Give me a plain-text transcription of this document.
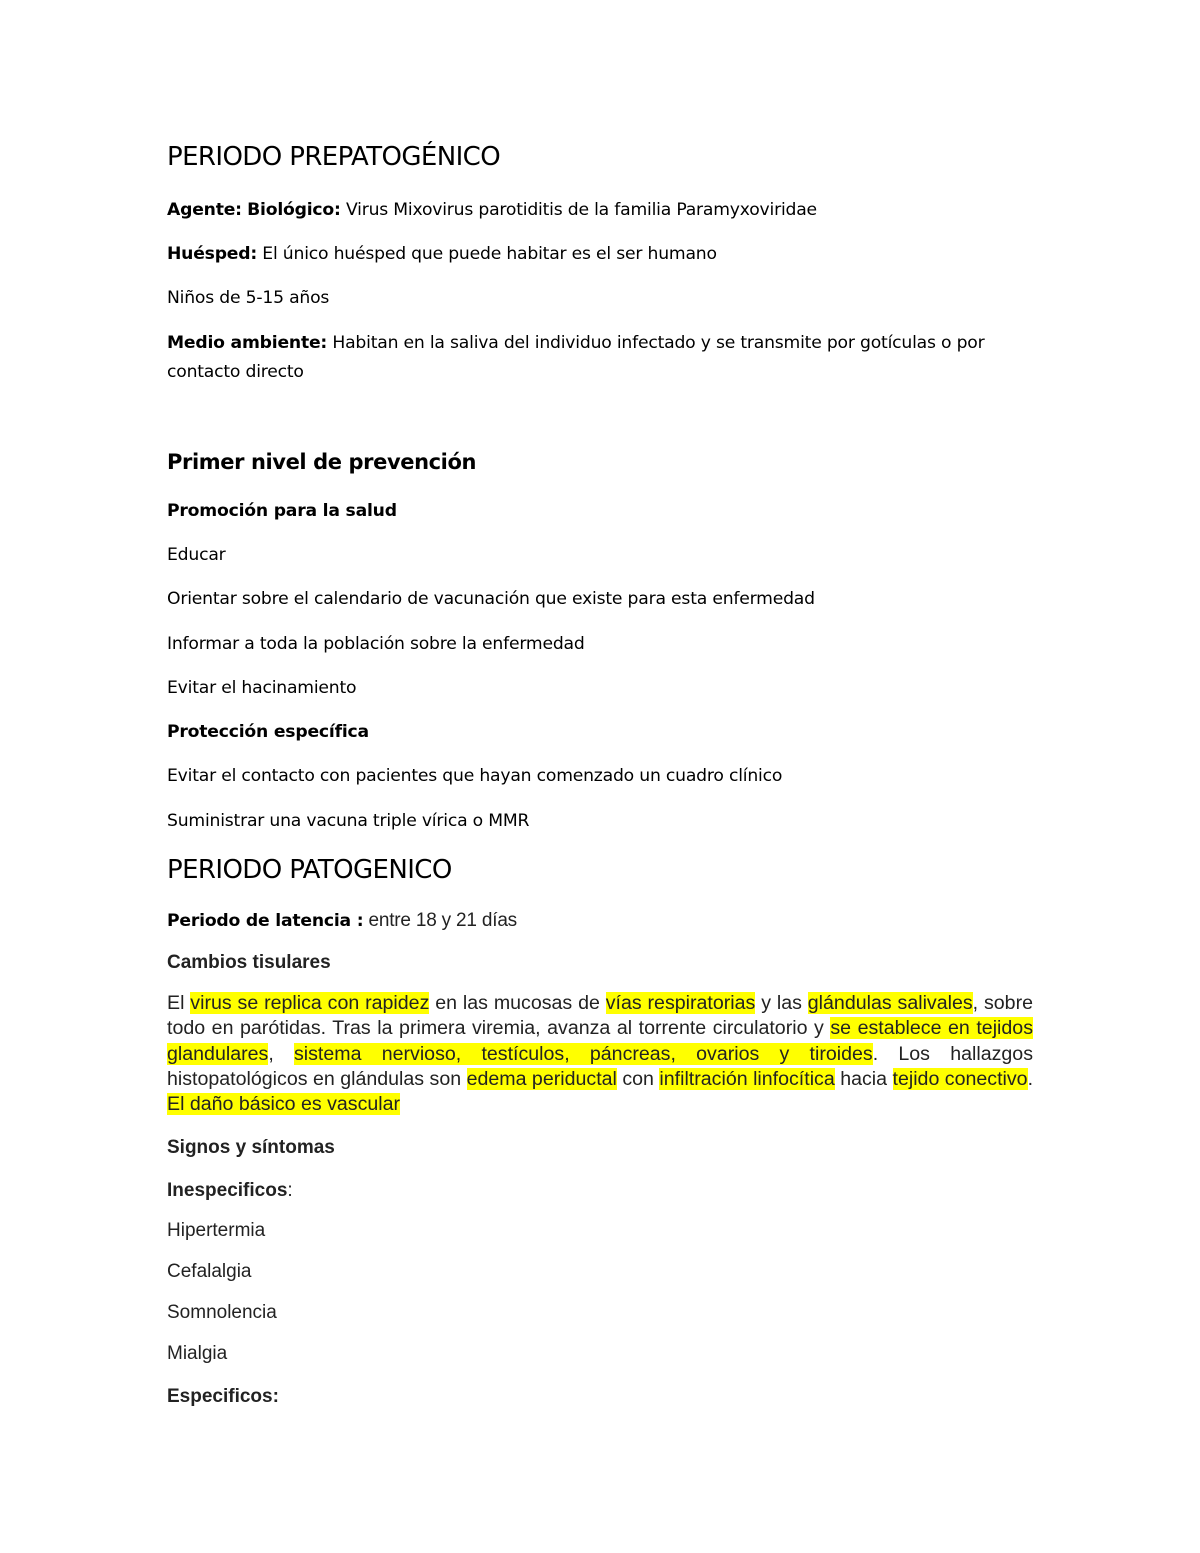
PERIODO PREPATOGÉNICO
Agente: Biológico: Virus Mixovirus parotiditis de la familia Paramyxoviridae
Huésped: El único huésped que puede habitar es el ser humano
Niños de 5-15 años
Medio ambiente: Habitan en la saliva del individuo infectado y se transmite por gotículas o por
contacto directo
Primer nivel de prevención
Promoción para la salud
Educar
Orientar sobre el calendario de vacunación que existe para esta enfermedad
Informar a toda la población sobre la enfermedad
Evitar el hacinamiento
Protección específica
Evitar el contacto con pacientes que hayan comenzado un cuadro clínico
Suministrar una vacuna triple vírica o MMR
PERIODO PATOGENICO
Periodo de latencia : entre 18 y 21 días
Cambios tisulares
El virus se replica con rapidez en las mucosas de vías respiratorias y las glándulas salivales, sobre todo en parótidas. Tras la primera viremia, avanza al torrente circulatorio y se establece en tejidos glandulares, sistema nervioso, testículos, páncreas, ovarios y tiroides. Los hallazgos histopatológicos en glándulas son edema periductal con infiltración linfocítica hacia tejido conectivo. El daño básico es vascular
Signos y síntomas
Inespecificos:
Hipertermia
Cefalalgia
Somnolencia
Mialgia
Especificos:
